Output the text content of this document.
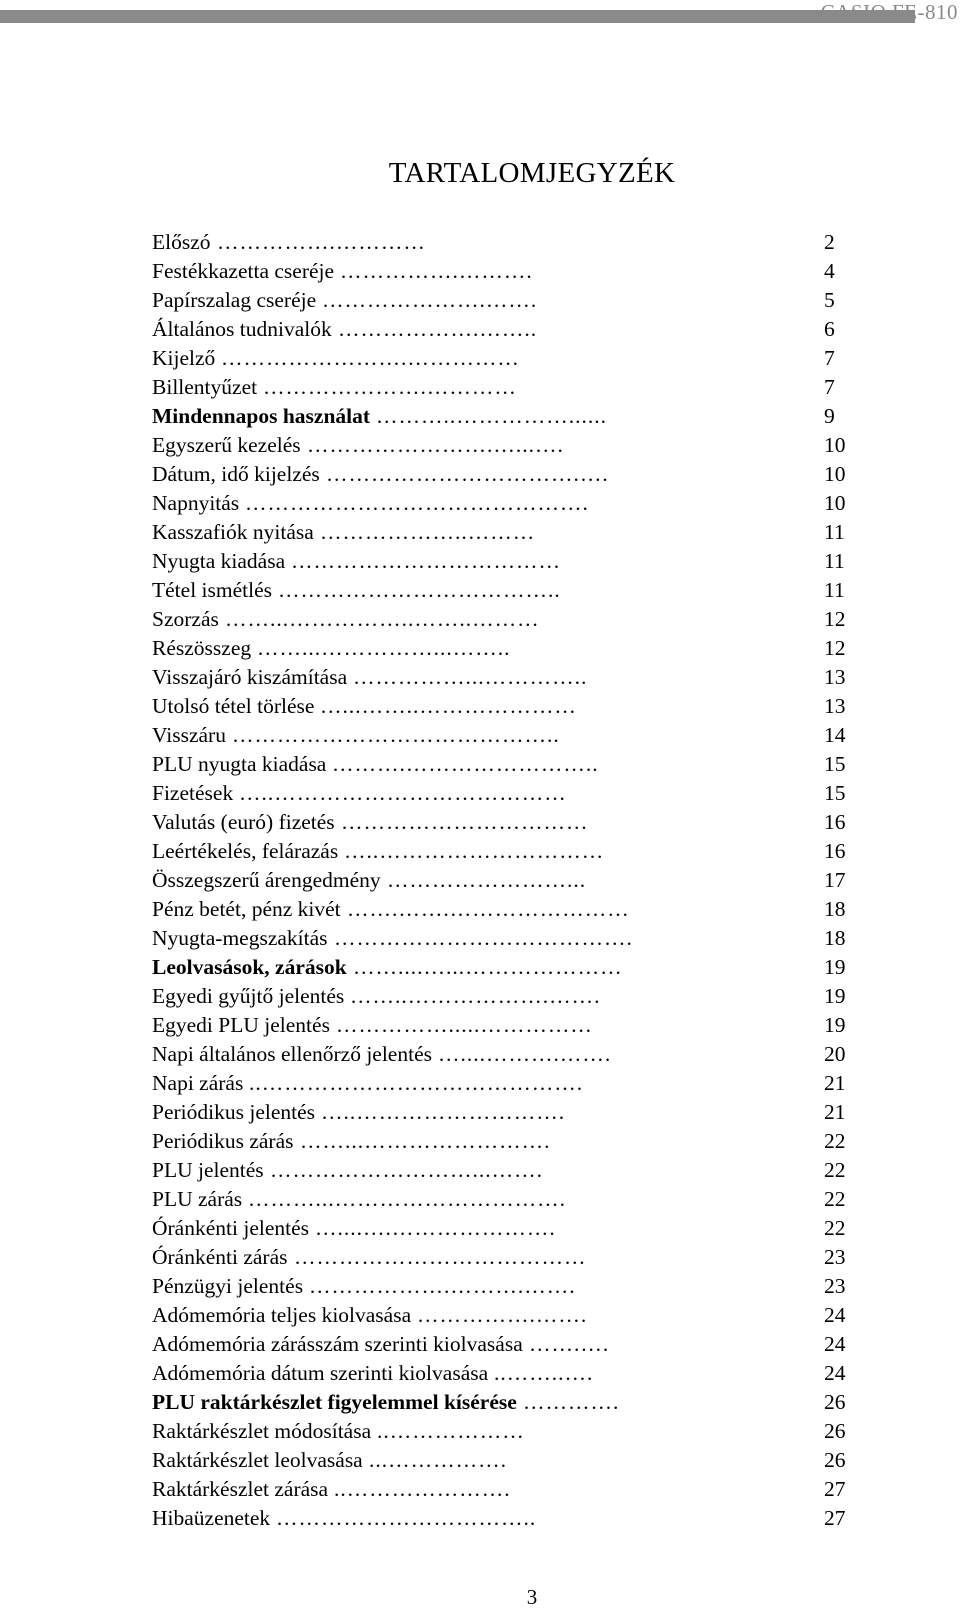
CASIO FE-810
TARTALOMJEGYZÉK
Előszó …………….…………	2
Festékkazetta cseréje …………….……….	4
Papírszalag cseréje ………………….…….	5
Általános tudnivalók ……………….……..	6
Kijelző …………………….……………	7
Billentyűzet ………………….…………	7
Mindennapos használat ………..……………......	9
Egyszerű kezelés …………………….…...….	10
Dátum, idő kijelzés …………………………….….	10
Napnyitás ……………………………………….	10
Kasszafiók nyitása ………………..………	11
Nyugta kiadása ………………………………	11
Tétel ismétlés ………………………………..	11
Szorzás ……...……………..……..………	12
Részösszeg ……...……………...……..	12
Visszajáró kiszámítása ……………...…………..	13
Utolsó tétel törlése …...……..…………………	13
Visszáru ……………………………………..	14
PLU nyugta kiadása ……….……………………..	15
Fizetések …..…………………………………	15
Valutás (euró) fizetés ……………………………	16
Leértékelés, felárazás …..…………………………	16
Összegszerű árengedmény ……………………...	17
Pénz betét, pénz kivét …….…….……………………	18
Nyugta-megszakítás ………………………………….	18
Leolvasások, zárások ……....…...…………………	19
Egyedi gyűjtő jelentés ……..……………….…….	19
Egyedi PLU jelentés …………….....……………	19
Napi általános ellenőrző jelentés …....……….…….	20
Napi zárás ..…………………………………….	21
Periódikus jelentés …..……………………….	21
Periódikus zárás ……...…………………….	22
PLU jelentés ………………………...…….	22
PLU zárás ………...………………………….	22
Óránkénti jelentés …....….………………….	22
Óránkénti zárás …………………………………	23
Pénzügyi jelentés ……………….……….…….	23
Adómemória teljes kiolvasása …………….…….	24
Adómemória zárásszám szerinti kiolvasása …….….	24
Adómemória dátum szerinti kiolvasása ..……..….	24
PLU raktárkészlet figyelemmel kísérése ………….	26
Raktárkészlet módosítása ..………………	26
Raktárkészlet leolvasása ...…………….	26
Raktárkészlet zárása ..………………….	27
Hibaüzenetek ……………………………..	27
3
